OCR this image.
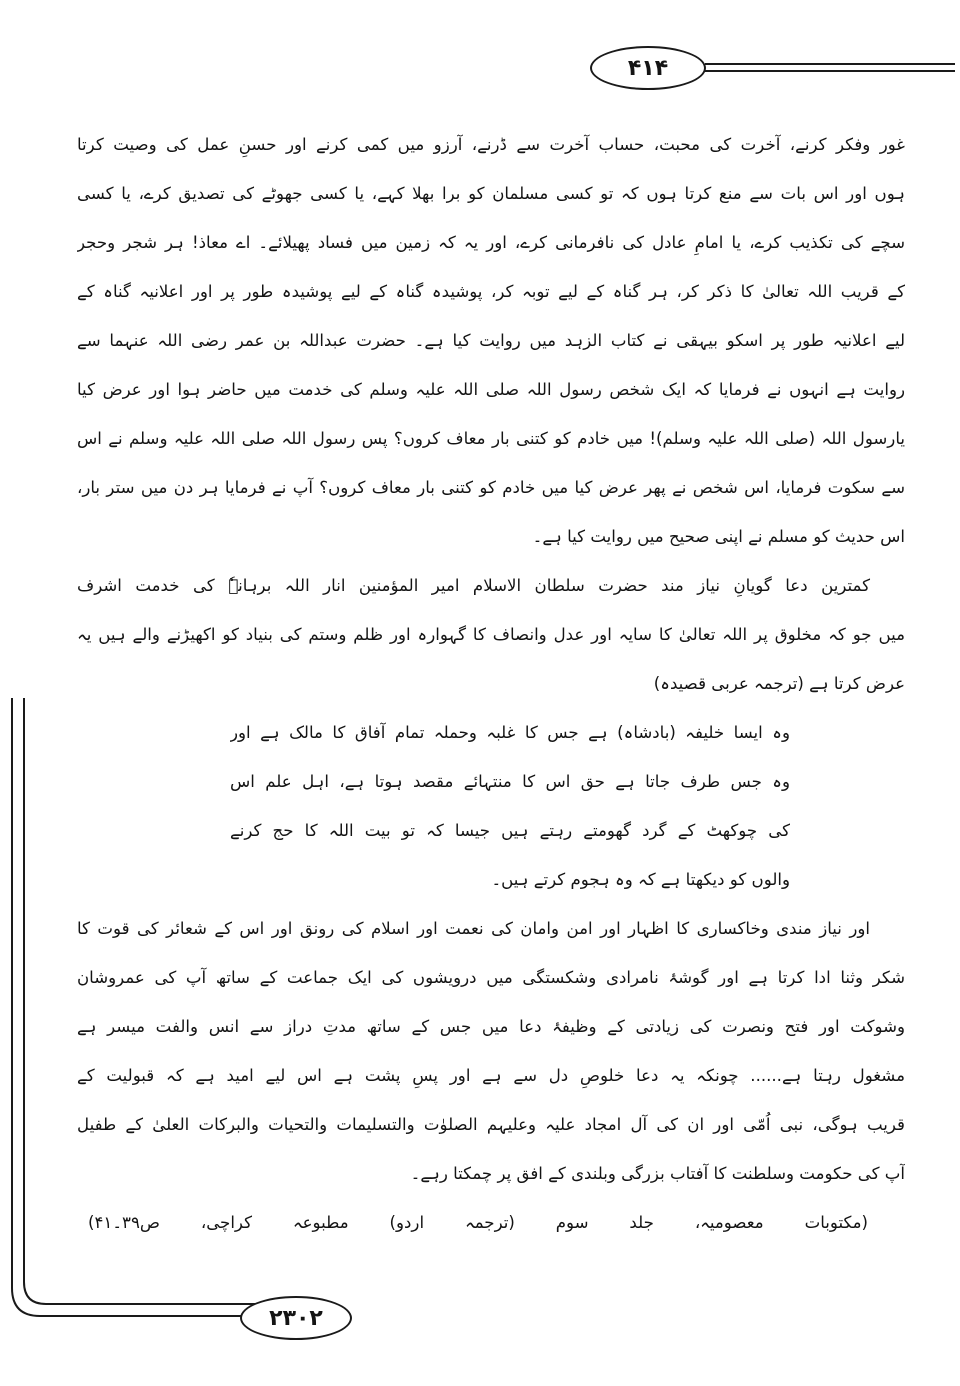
۴۱۴
غور وفکر کرنے، آخرت کی محبت، حساب آخرت سے ڈرنے، آرزو میں کمی کرنے اور حسنِ عمل کی وصیت کرتا
ہوں اور اس بات سے منع کرتا ہوں کہ تو کسی مسلمان کو برا بھلا کہے، یا کسی جھوٹے کی تصدیق کرے، یا کسی
سچے کی تکذیب کرے، یا امامِ عادل کی نافرمانی کرے، اور یہ کہ زمین میں فساد پھیلائے۔ اے معاذ! ہر شجر وحجر
کے قریب اللہ تعالیٰ کا ذکر کر، ہر گناہ کے لیے توبہ کر، پوشیدہ گناہ کے لیے پوشیدہ طور پر اور اعلانیہ گناہ کے
لیے اعلانیہ طور پر اسکو بیہقی نے کتاب الزہد میں روایت کیا ہے۔ حضرت عبداللہ بن عمر رضی اللہ عنہما سے
روایت ہے انہوں نے فرمایا کہ ایک شخص رسول اللہ صلی اللہ علیہ وسلم کی خدمت میں حاضر ہوا اور عرض کیا
یارسول اللہ (صلی اللہ علیہ وسلم)! میں خادم کو کتنی بار معاف کروں؟ پس رسول اللہ صلی اللہ علیہ وسلم نے اس
سے سکوت فرمایا، اس شخص نے پھر عرض کیا میں خادم کو کتنی بار معاف کروں؟ آپ نے فرمایا ہر دن میں ستر بار،
اس حدیث کو مسلم نے اپنی صحیح میں روایت کیا ہے۔
کمترین دعا گویانِ نیاز مند حضرت سلطان الاسلام امیر المؤمنین انار اللہ برہانہٗ کی خدمت اشرف
میں جو کہ مخلوق پر اللہ تعالیٰ کا سایہ اور عدل وانصاف کا گہوارہ اور ظلم وستم کی بنیاد کو اکھیڑنے والے ہیں یہ
عرض کرتا ہے (ترجمہ عربی قصیدہ)
وہ ایسا خلیفہ (بادشاہ) ہے جس کا غلبہ وحملہ تمام آفاق کا مالک ہے اور
وہ جس طرف جاتا ہے حق اس کا منتہائے مقصد ہوتا ہے، اہل علم اس
کی چوکھٹ کے گرد گھومتے رہتے ہیں جیسا کہ تو بیت اللہ کا حج کرنے
والوں کو دیکھتا ہے کہ وہ ہجوم کرتے ہیں۔
اور نیاز مندی وخاکساری کا اظہار اور امن وامان کی نعمت اور اسلام کی رونق اور اس کے شعائر کی قوت کا
شکر وثنا ادا کرتا ہے اور گوشۂ نامرادی وشکستگی میں درویشوں کی ایک جماعت کے ساتھ آپ کی عمروشان
وشوکت اور فتح ونصرت کی زیادتی کے وظیفۂ دعا میں جس کے ساتھ مدتِ دراز سے انس والفت میسر ہے
مشغول رہتا ہے...... چونکہ یہ دعا خلوصِ دل سے ہے اور پسِ پشت ہے اس لیے امید ہے کہ قبولیت کے
قریب ہوگی، نبی اُمّی اور ان کی آل امجاد علیہ وعلیہم الصلوٰت والتسلیمات والتحیات والبرکات العلیٰ کے طفیل
آپ کی حکومت وسلطنت کا آفتاب بزرگی وبلندی کے افق پر چمکتا رہے۔
(مکتوبات معصومیہ، جلد سوم (ترجمہ اردو) مطبوعہ کراچی، ص۳۹۔۴۱)
۲۳۰۲
